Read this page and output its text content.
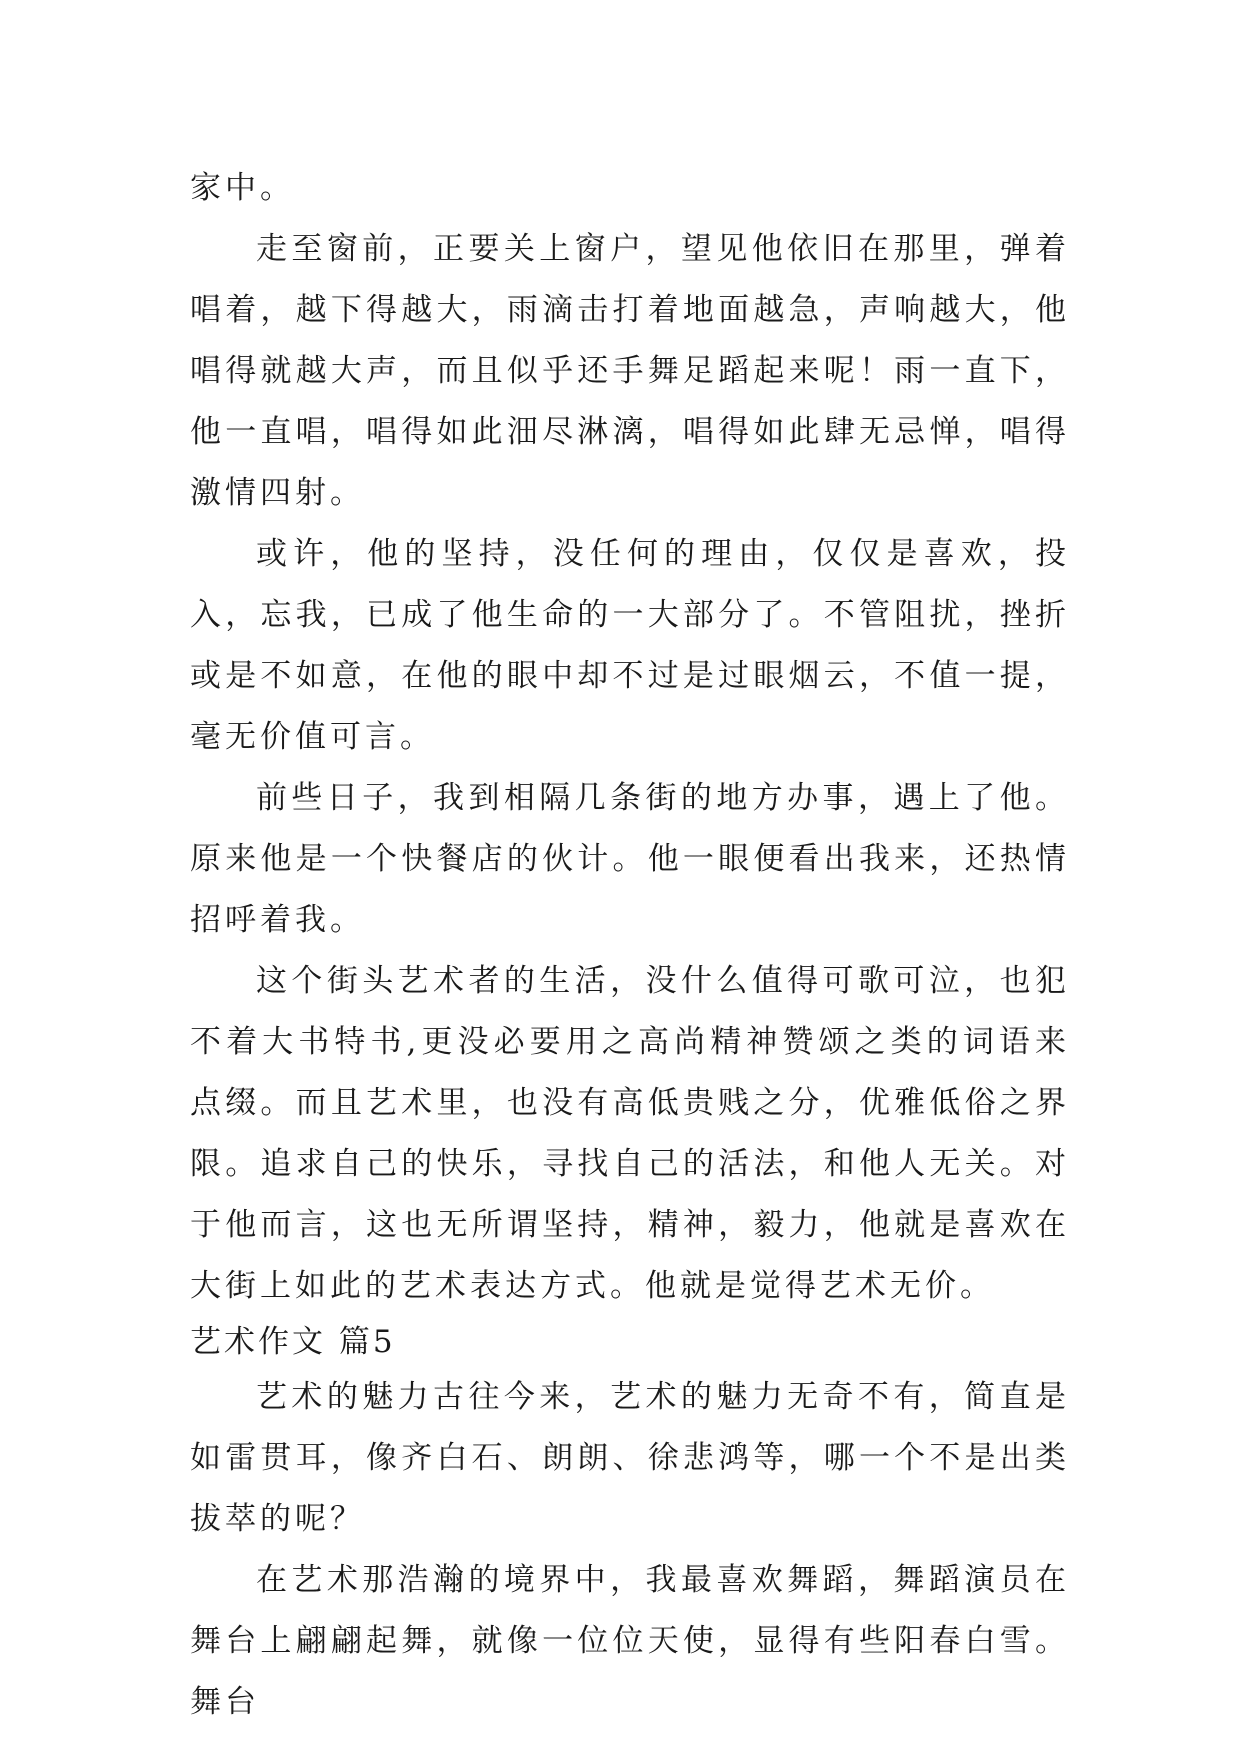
家中。

走至窗前，正要关上窗户，望见他依旧在那里，弹着唱着，越下得越大，雨滴击打着地面越急，声响越大，他唱得就越大声，而且似乎还手舞足蹈起来呢！雨一直下，他一直唱，唱得如此沺尽淋漓，唱得如此肆无忌惮，唱得激情四射。

或许，他的坚持，没任何的理由，仅仅是喜欢，投入，忘我，已成了他生命的一大部分了。不管阻扰，挫折或是不如意，在他的眼中却不过是过眼烟云，不值一提，毫无价值可言。

前些日子，我到相隔几条街的地方办事，遇上了他。原来他是一个快餐店的伙计。他一眼便看出我来，还热情招呼着我。

这个街头艺术者的生活，没什么值得可歌可泣，也犯不着大书特书,更没必要用之高尚精神赞颂之类的词语来点缀。而且艺术里，也没有高低贵贱之分，优雅低俗之界限。追求自己的快乐，寻找自己的活法，和他人无关。对于他而言，这也无所谓坚持，精神，毅力，他就是喜欢在大街上如此的艺术表达方式。他就是觉得艺术无价。

艺术作文 篇5

艺术的魅力古往今来，艺术的魅力无奇不有，简直是如雷贯耳，像齐白石、朗朗、徐悲鸿等，哪一个不是出类拔萃的呢？

在艺术那浩瀚的境界中，我最喜欢舞蹈，舞蹈演员在舞台上翩翩起舞，就像一位位天使，显得有些阳春白雪。舞台
